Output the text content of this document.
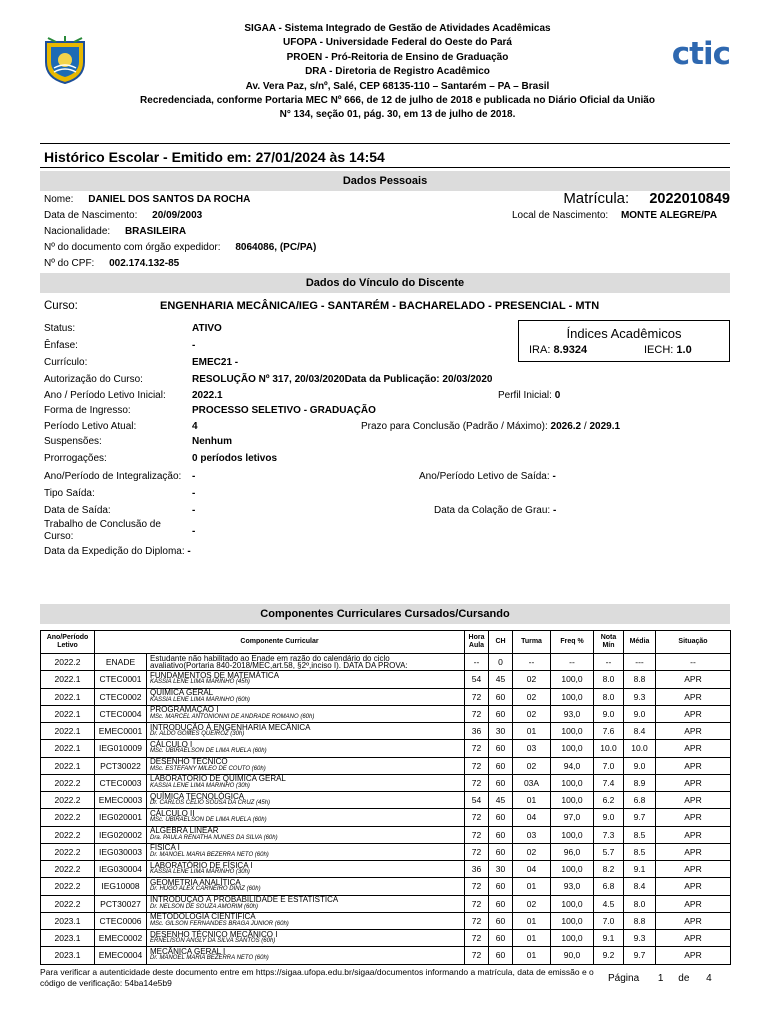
SIGAA - Sistema Integrado de Gestão de Atividades Acadêmicas
UFOPA - Universidade Federal do Oeste do Pará
PROEN - Pró-Reitoria de Ensino de Graduação
DRA - Diretoria de Registro Acadêmico
Av. Vera Paz, s/nº, Salé, CEP 68135-110 – Santarém – PA – Brasil
Recredenciada, conforme Portaria MEC Nº 666, de 12 de julho de 2018 e publicada no Diário Oficial da União
N° 134, seção 01, pág. 30, em 13 de julho de 2018.
ctic
Histórico Escolar - Emitido em: 27/01/2024 às 14:54
Dados Pessoais
Nome: DANIEL DOS SANTOS DA ROCHA	Matrícula: 2022010849
Data de Nascimento: 20/09/2003	Local de Nascimento: MONTE ALEGRE/PA
Nacionalidade: BRASILEIRA
Nº do documento com órgão expedidor: 8064086, (PC/PA)
Nº do CPF: 002.174.132-85
Dados do Vínculo do Discente
Curso:	ENGENHARIA MECÂNICA/IEG - SANTARÉM - BACHARELADO - PRESENCIAL - MTN
Status:	ATIVO	Índices Acadêmicos
IRA: 8.9324	IECH: 1.0
Ênfase:	-
Currículo:	EMEC21 -
Autorização do Curso:	RESOLUÇÃO Nº 317, 20/03/2020Data da Publicação: 20/03/2020
Ano / Período Letivo Inicial:	2022.1	Perfil Inicial: 0
Forma de Ingresso:	PROCESSO SELETIVO - GRADUAÇÃO
Período Letivo Atual:	4	Prazo para Conclusão (Padrão / Máximo): 2026.2 / 2029.1
Suspensões:	Nenhum
Prorrogações:	0 períodos letivos
Ano/Período de Integralização: -	Ano/Período Letivo de Saída: -
Tipo Saída:	-
Data de Saída:	-	Data da Colação de Grau: -
Trabalho de Conclusão de
Curso:	-
Data da Expedição do Diploma: -
Componentes Curriculares Cursados/Cursando
Ano/Período Letivo	Componente Curricular		Hora Aula	CH	Turma	Freq %	Nota Mín	Média	Situação
2022.2	ENADE	Estudante não habilitado ao Enade em razão do calendário do ciclo
avaliativo(Portaria 840-2018/MEC,art.58, §2º,inciso I). DATA DA PROVA:	--	0	--	--	--	---	--
2022.1	CTEC0001	FUNDAMENTOS DE MATEMÁTICA
KASSIA LENE LIMA MARINHO (45h)	54	45	02	100,0	8.0	8.8	APR
2022.1	CTEC0002	QUÍMICA GERAL
KASSIA LENE LIMA MARINHO (60h)	72	60	02	100,0	8.0	9.3	APR
2022.1	CTEC0004	PROGRAMAÇÃO I
MSc. MARCEL ANTONIONNI DE ANDRADE ROMANO (60h)	72	60	02	93,0	9.0	9.0	APR
2022.1	EMEC0001	INTRODUÇÃO À ENGENHARIA MECÂNICA
Dr. ALDO GOMES QUEIROZ (30h)	36	30	01	100,0	7.6	8.4	APR
2022.1	IEG010009	CÁLCULO I
MSc. UBIRAELSON DE LIMA RUELA (60h)	72	60	03	100,0	10.0	10.0	APR
2022.1	PCT30022	DESENHO TÉCNICO
MSc. ESTEFANY MILEO DE COUTO (60h)	72	60	02	94,0	7.0	9.0	APR
2022.2	CTEC0003	LABORATÓRIO DE QUÍMICA GERAL
KASSIA LENE LIMA MARINHO (30h)	72	60	03A	100,0	7.4	8.9	APR
2022.2	EMEC0003	QUÍMICA TECNOLÓGICA
Dr. CARLOS CELIO SOUSA DA CRUZ (45h)	54	45	01	100,0	6.2	6.8	APR
2022.2	IEG020001	CÁLCULO II
MSc. UBIRAELSON DE LIMA RUELA (60h)	72	60	04	97,0	9.0	9.7	APR
2022.2	IEG020002	ÁLGEBRA LINEAR
Dra. PAULA RENATHA NUNES DA SILVA (60h)	72	60	03	100,0	7.3	8.5	APR
2022.2	IEG030003	FÍSICA I
Dr. MANOEL MARIA BEZERRA NETO (60h)	72	60	02	96,0	5.7	8.5	APR
2022.2	IEG030004	LABORATÓRIO DE FÍSICA I
KASSIA LENE LIMA MARINHO (30h)	36	30	04	100,0	8.2	9.1	APR
2022.2	IEG10008	GEOMETRIA ANALÍTICA
Dr. HUGO ALEX CARNEIRO DINIZ (60h)	72	60	01	93,0	6.8	8.4	APR
2022.2	PCT30027	INTRODUÇÃO À PROBABILIDADE E ESTATÍSTICA
Dr. NELSON DE SOUZA AMORIM (60h)	72	60	02	100,0	4.5	8.0	APR
2023.1	CTEC0006	METODOLOGIA CIENTÍFICA
MSc. GILSON FERNANDES BRAGA JUNIOR (60h)	72	60	01	100,0	7.0	8.8	APR
2023.1	EMEC0002	DESENHO TÉCNICO MECÂNICO I
ERNELISON ANGLY DA SILVA SANTOS (60h)	72	60	01	100,0	9.1	9.3	APR
2023.1	EMEC0004	MECÂNICA GERAL I
Dr. MANOEL MARIA BEZERRA NETO (60h)	72	60	01	90,0	9.2	9.7	APR
Para verificar a autenticidade deste documento entre em https://sigaa.ufopa.edu.br/sigaa/documentos informando a matrícula, data de emissão e o código de verificação: 54ba14e5b9	Página 1 de 4
